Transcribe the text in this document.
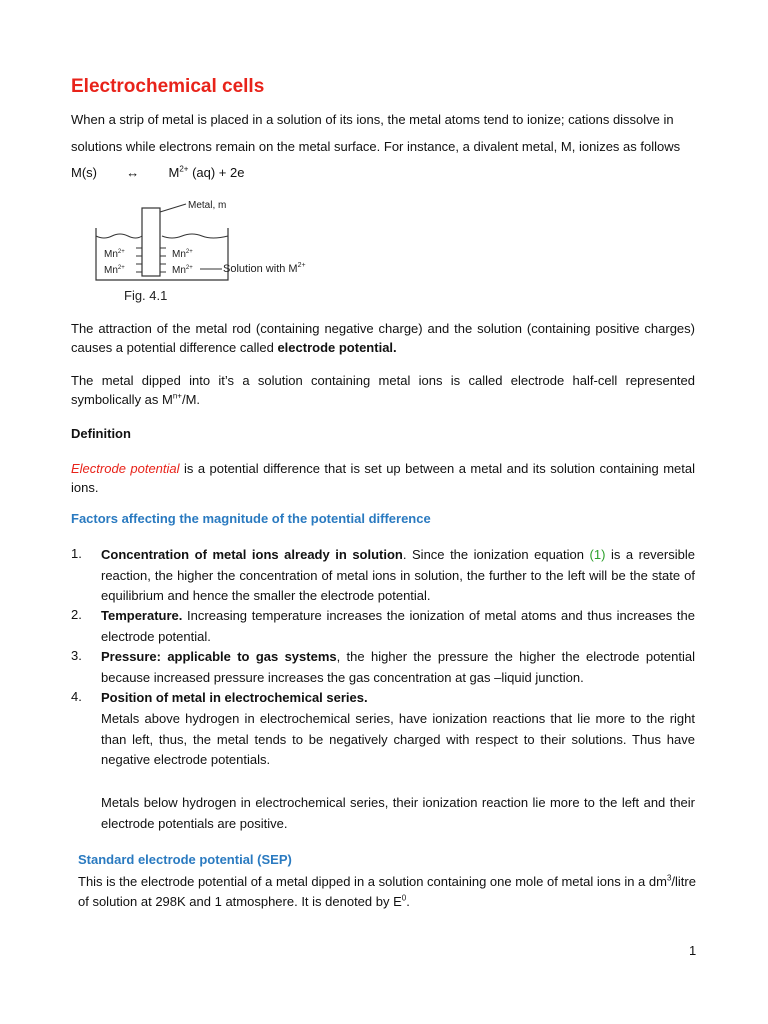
Electrochemical cells
When a strip of metal is placed in a solution of its ions, the metal atoms tend to ionize; cations dissolve in
solutions while electrons remain on the metal surface. For instance, a divalent metal, M, ionizes as follows
M(s) ↔ $M^{2+}$ (aq) + 2e
Metal, m
$Mn^{2+}$
$Mn^{2+}$
$Mn^{2+}$
$Mn^{2+}$	Solution with $M^{2+}$
Fig. 4.1
The attraction of the metal rod (containing negative charge) and the solution (containing positive charges) causes a potential difference called electrode potential.
The metal dipped into it’s a solution containing metal ions is called electrode half-cell represented symbolically as $M^{n+}/M$.
Definition
Electrode potential is a potential difference that is set up between a metal and its solution containing metal ions.
Factors affecting the magnitude of the potential difference
1. Concentration of metal ions already in solution. Since the ionization equation (1) is a reversible reaction, the higher the concentration of metal ions in solution, the further to the left will be the state of equilibrium and hence the smaller the electrode potential.
2. Temperature. Increasing temperature increases the ionization of metal atoms and thus increases the electrode potential.
3. Pressure: applicable to gas systems, the higher the pressure the higher the electrode potential because increased pressure increases the gas concentration at gas –liquid junction.
4. Position of metal in electrochemical series.
Metals above hydrogen in electrochemical series, have ionization reactions that lie more to the right than left, thus, the metal tends to be negatively charged with respect to their solutions. Thus have negative electrode potentials.
Metals below hydrogen in electrochemical series, their ionization reaction lie more to the left and their electrode potentials are positive.
Standard electrode potential (SEP)
This is the electrode potential of a metal dipped in a solution containing one mole of metal ions in a $dm^3$/litre
of solution at 298K and 1 atmosphere. It is denoted by $E^0$.
1
